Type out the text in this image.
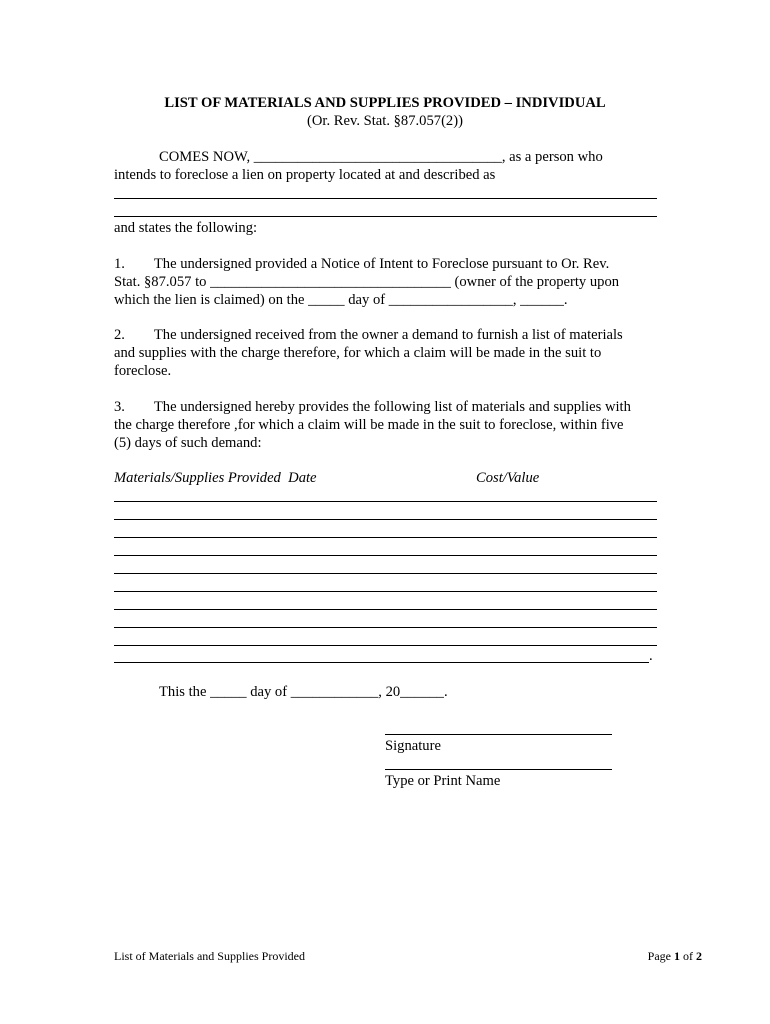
LIST OF MATERIALS AND SUPPLIES PROVIDED – INDIVIDUAL
(Or. Rev. Stat. §87.057(2))
COMES NOW, __________________________________, as a person who
intends to foreclose a lien on property located at and described as
and states the following:
1.        The undersigned provided a Notice of Intent to Foreclose pursuant to Or. Rev.
Stat. §87.057 to _________________________________ (owner of the property upon
which the lien is claimed) on the _____ day of _________________, ______.
2.        The undersigned received from the owner a demand to furnish a list of materials
and supplies with the charge therefore, for which a claim will be made in the suit to
foreclose.
3.        The undersigned hereby provides the following list of materials and supplies with
the charge therefore ,for which a claim will be made in the suit to foreclose, within five
(5) days of such demand:
Materials/Supplies Provided  Date	Cost/Value
.
This the _____ day of ____________, 20______.
Signature
Type or Print Name
List of Materials and Supplies Provided	Page 1 of 2
